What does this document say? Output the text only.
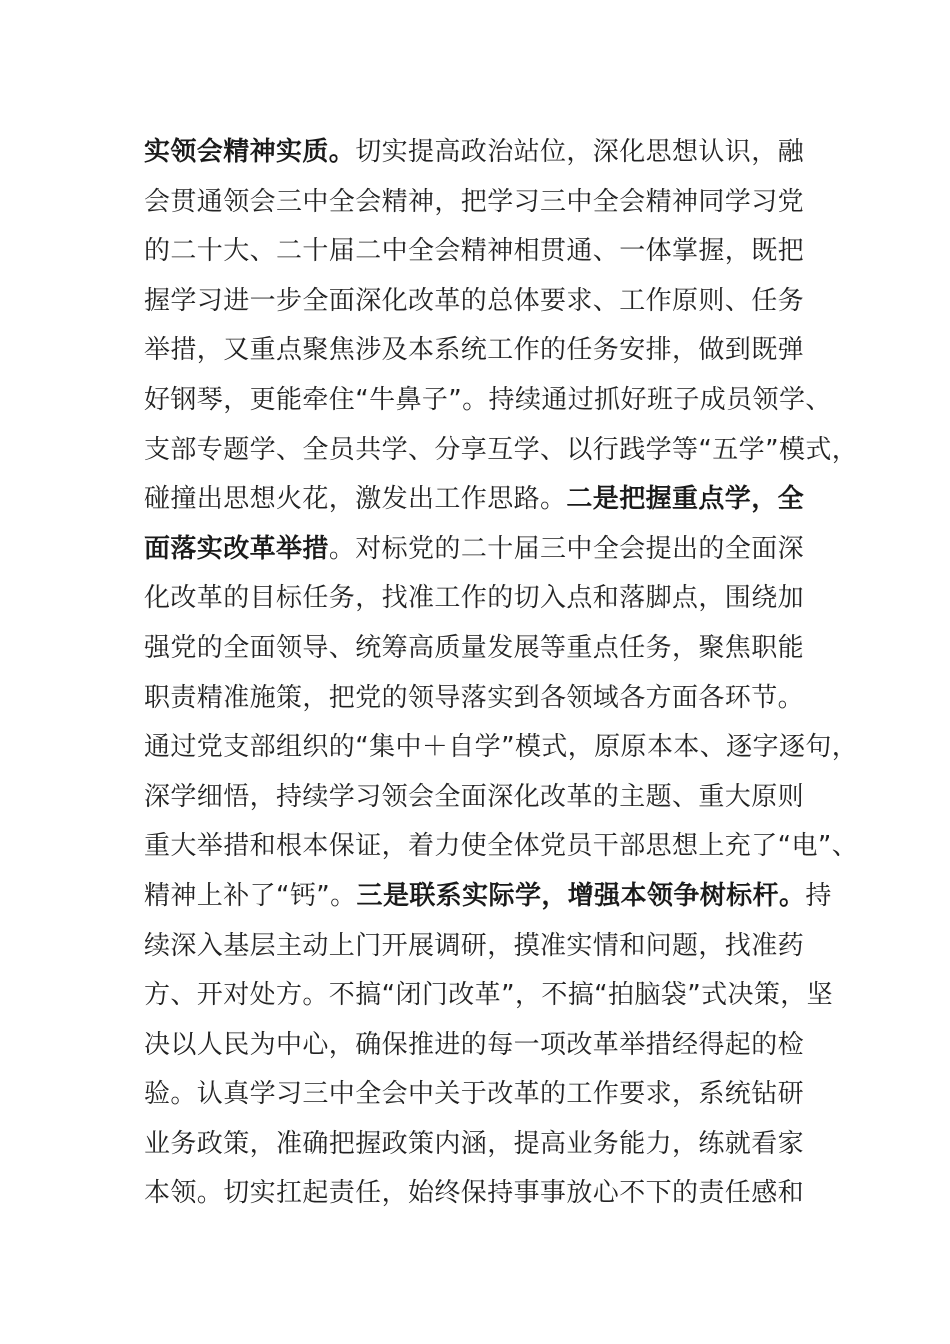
实领会精神实质。切实提高政治站位，深化思想认识，融
会贯通领会三中全会精神，把学习三中全会精神同学习党
的二十大、二十届二中全会精神相贯通、一体掌握，既把
握学习进一步全面深化改革的总体要求、工作原则、任务
举措，又重点聚焦涉及本系统工作的任务安排，做到既弹
好钢琴，更能牵住“牛鼻子”。持续通过抓好班子成员领学、
支部专题学、全员共学、分享互学、以行践学等“五学”模式，
碰撞出思想火花，激发出工作思路。二是把握重点学，全
面落实改革举措。对标党的二十届三中全会提出的全面深
化改革的目标任务，找准工作的切入点和落脚点，围绕加
强党的全面领导、统筹高质量发展等重点任务，聚焦职能
职责精准施策，把党的领导落实到各领域各方面各环节。
通过党支部组织的“集中＋自学”模式，原原本本、逐字逐句，
深学细悟，持续学习领会全面深化改革的主题、重大原则
重大举措和根本保证，着力使全体党员干部思想上充了“电”、
精神上补了“钙”。三是联系实际学，增强本领争树标杆。持
续深入基层主动上门开展调研，摸准实情和问题，找准药
方、开对处方。不搞“闭门改革”，不搞“拍脑袋”式决策，坚
决以人民为中心，确保推进的每一项改革举措经得起的检
验。认真学习三中全会中关于改革的工作要求，系统钻研
业务政策，准确把握政策内涵，提高业务能力，练就看家
本领。切实扛起责任，始终保持事事放心不下的责任感和
